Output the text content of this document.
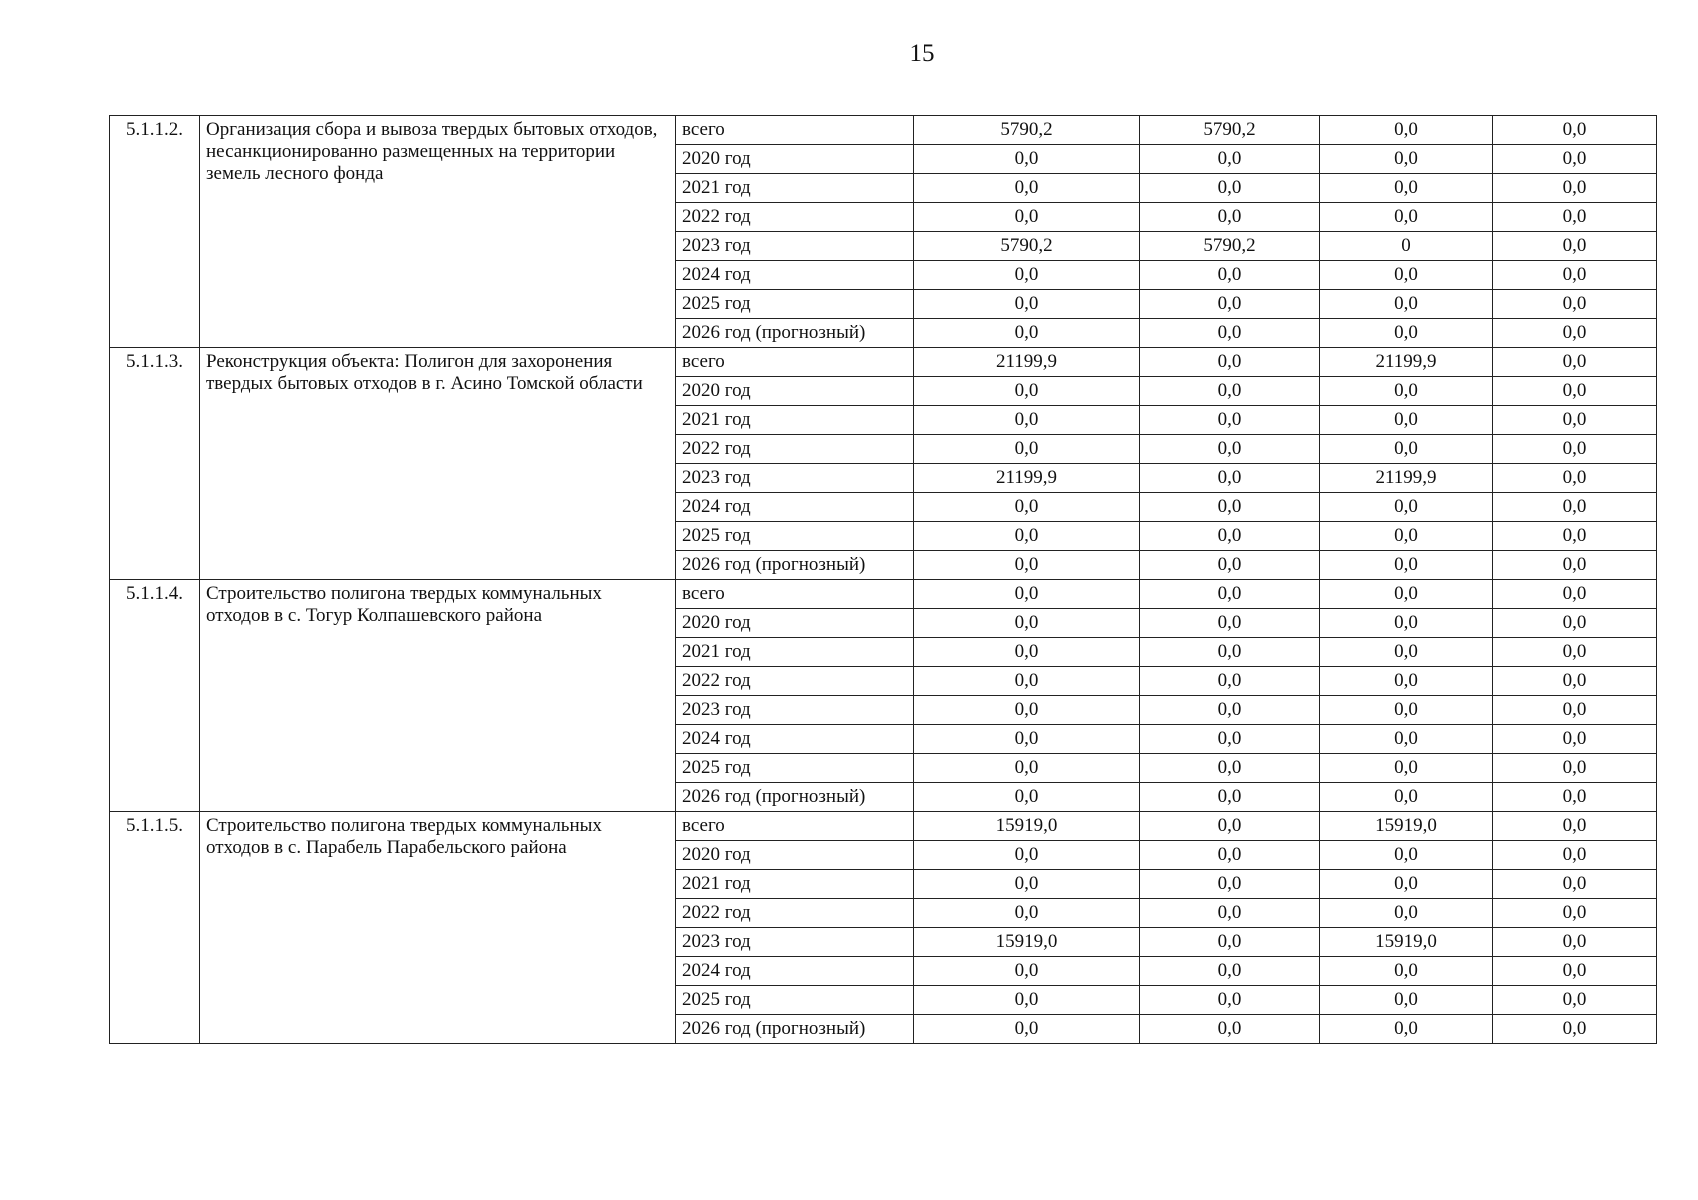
15
5.1.1.2.	Организация сбора и вывоза твердых бытовых отходов, несанкционированно размещенных на территории земель лесного фонда	всего	5790,2	5790,2	0,0	0,0
		2020 год	0,0	0,0	0,0	0,0
		2021 год	0,0	0,0	0,0	0,0
		2022 год	0,0	0,0	0,0	0,0
		2023 год	5790,2	5790,2	0	0,0
		2024 год	0,0	0,0	0,0	0,0
		2025 год	0,0	0,0	0,0	0,0
		2026 год (прогнозный)	0,0	0,0	0,0	0,0
5.1.1.3.	Реконструкция объекта: Полигон для захоронения твердых бытовых отходов в г. Асино Томской области	всего	21199,9	0,0	21199,9	0,0
		2020 год	0,0	0,0	0,0	0,0
		2021 год	0,0	0,0	0,0	0,0
		2022 год	0,0	0,0	0,0	0,0
		2023 год	21199,9	0,0	21199,9	0,0
		2024 год	0,0	0,0	0,0	0,0
		2025 год	0,0	0,0	0,0	0,0
		2026 год (прогнозный)	0,0	0,0	0,0	0,0
5.1.1.4.	Строительство полигона твердых коммунальных отходов в с. Тогур Колпашевского района	всего	0,0	0,0	0,0	0,0
		2020 год	0,0	0,0	0,0	0,0
		2021 год	0,0	0,0	0,0	0,0
		2022 год	0,0	0,0	0,0	0,0
		2023 год	0,0	0,0	0,0	0,0
		2024 год	0,0	0,0	0,0	0,0
		2025 год	0,0	0,0	0,0	0,0
		2026 год (прогнозный)	0,0	0,0	0,0	0,0
5.1.1.5.	Строительство полигона твердых коммунальных отходов в с. Парабель Парабельского района	всего	15919,0	0,0	15919,0	0,0
		2020 год	0,0	0,0	0,0	0,0
		2021 год	0,0	0,0	0,0	0,0
		2022 год	0,0	0,0	0,0	0,0
		2023 год	15919,0	0,0	15919,0	0,0
		2024 год	0,0	0,0	0,0	0,0
		2025 год	0,0	0,0	0,0	0,0
		2026 год (прогнозный)	0,0	0,0	0,0	0,0
